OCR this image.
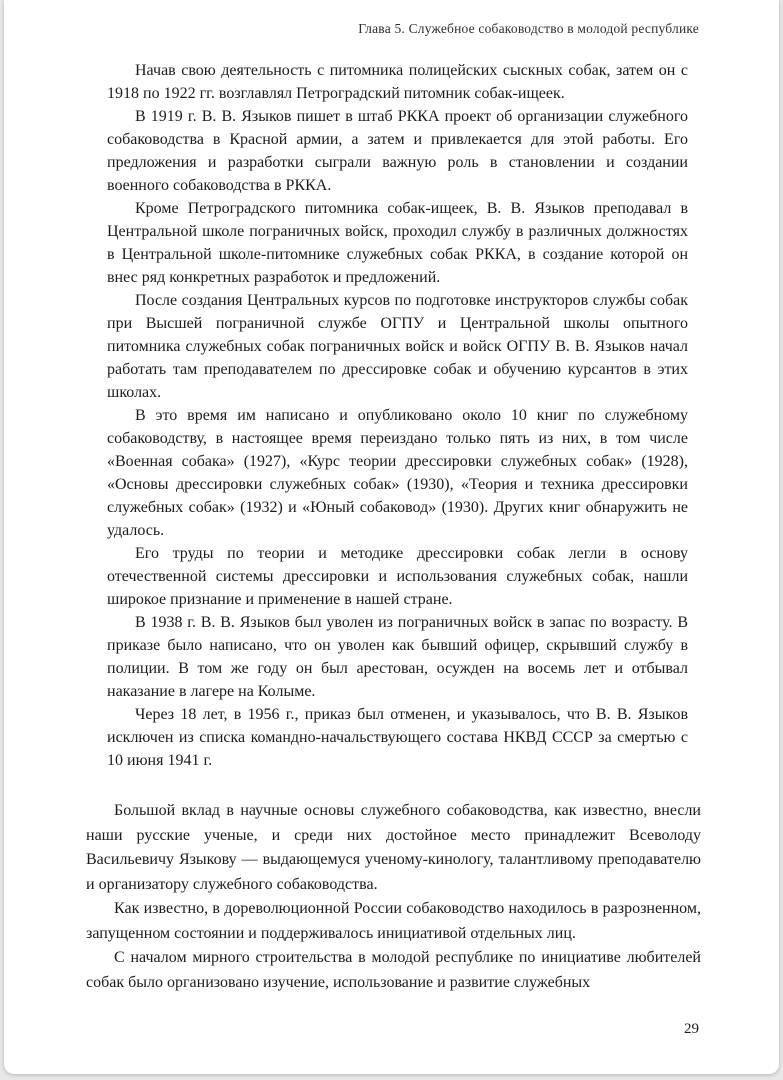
Глава 5. Служебное собаководство в молодой республике

Начав свою деятельность с питомника полицейских сыскных собак, затем он с 1918 по 1922 гг. возглавлял Петроградский питомник собак-ищеек.

В 1919 г. В. В. Языков пишет в штаб РККА проект об организации служебного собаководства в Красной армии, а затем и привлекается для этой работы. Его предложения и разработки сыграли важную роль в становлении и создании военного собаководства в РККА.

Кроме Петроградского питомника собак-ищеек, В. В. Языков преподавал в Центральной школе пограничных войск, проходил службу в различных должностях в Центральной школе-питомнике служебных собак РККА, в создание которой он внес ряд конкретных разработок и предложений.

После создания Центральных курсов по подготовке инструкторов службы собак при Высшей пограничной службе ОГПУ и Центральной школы опытного питомника служебных собак пограничных войск и войск ОГПУ В. В. Языков начал работать там преподавателем по дрессировке собак и обучению курсантов в этих школах.

В это время им написано и опубликовано около 10 книг по служебному собаководству, в настоящее время переиздано только пять из них, в том числе «Военная собака» (1927), «Курс теории дрессировки служебных собак» (1928), «Основы дрессировки служебных собак» (1930), «Теория и техника дрессировки служебных собак» (1932) и «Юный собаковод» (1930). Других книг обнаружить не удалось.

Его труды по теории и методике дрессировки собак легли в основу отечественной системы дрессировки и использования служебных собак, нашли широкое признание и применение в нашей стране.

В 1938 г. В. В. Языков был уволен из пограничных войск в запас по возрасту. В приказе было написано, что он уволен как бывший офицер, скрывший службу в полиции. В том же году он был арестован, осужден на восемь лет и отбывал наказание в лагере на Колыме.

Через 18 лет, в 1956 г., приказ был отменен, и указывалось, что В. В. Языков исключен из списка командно-начальствующего состава НКВД СССР за смертью с 10 июня 1941 г.

Большой вклад в научные основы служебного собаководства, как известно, внесли наши русские ученые, и среди них достойное место принадлежит Всеволоду Васильевичу Языкову — выдающемуся ученому-кинологу, талантливому преподавателю и организатору служебного собаководства.

Как известно, в дореволюционной России собаководство находилось в разрозненном, запущенном состоянии и поддерживалось инициативой отдельных лиц.

С началом мирного строительства в молодой республике по инициативе любителей собак было организовано изучение, использование и развитие служебных

29
